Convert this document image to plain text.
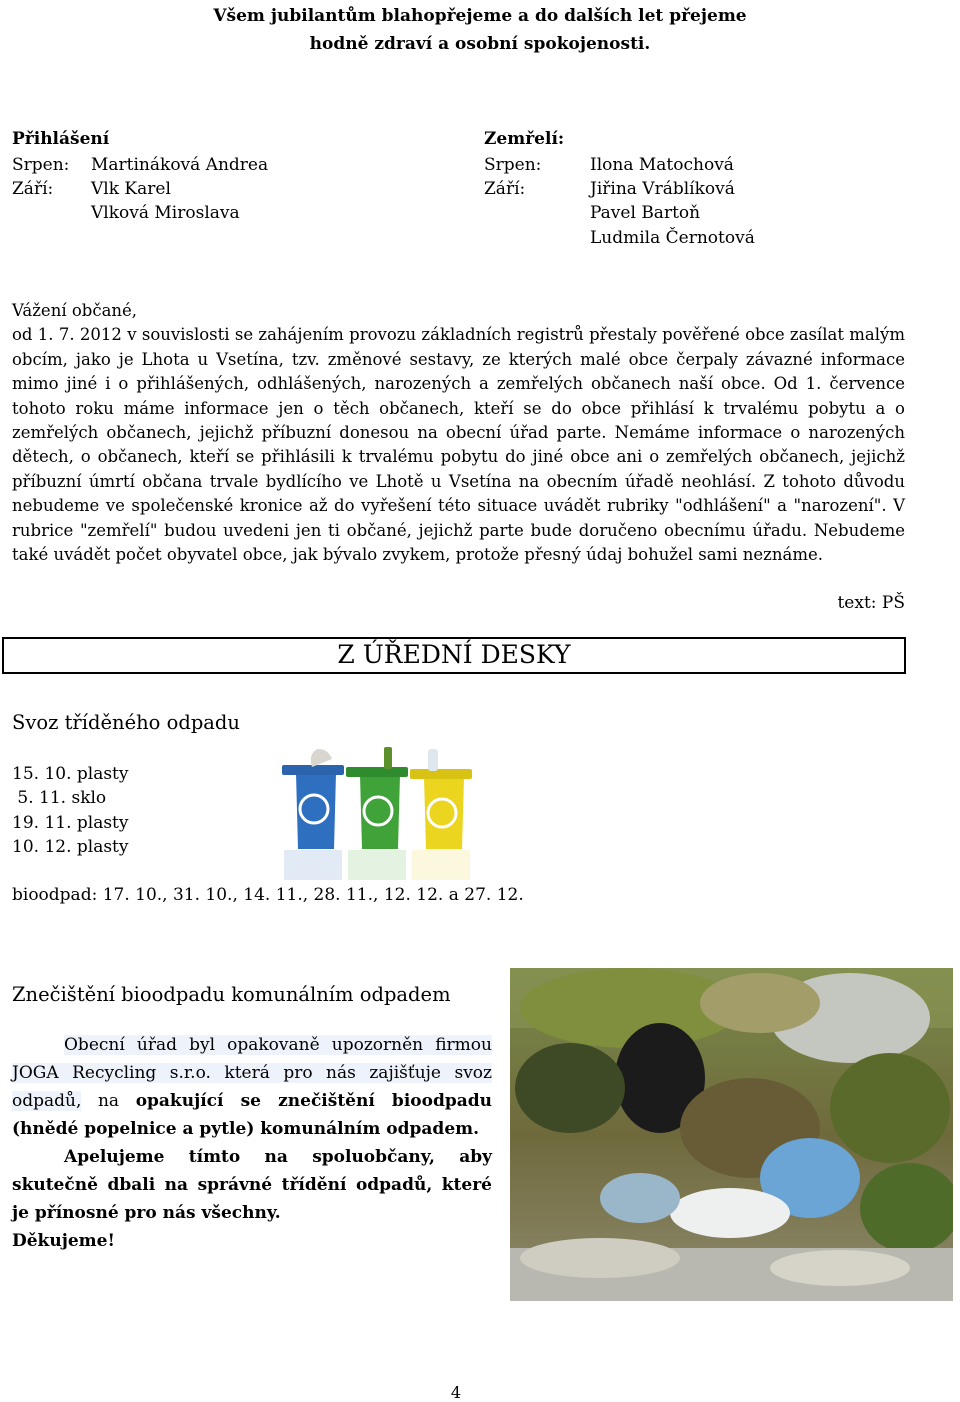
Všem jubilantům blahopřejeme a do dalších let přejeme
hodně zdraví a osobní spokojenosti.
Přihlášení
Srpen: Martináková Andrea
Září: Vlk Karel
Vlková Miroslava
Zemřelí:
Srpen:	Ilona Matochová
Září:	Jiřina Vráblíková
Pavel Bartoň
Ludmila Černotová

Vážení občané,

od 1. 7. 2012 v souvislosti se zahájením provozu základních registrů přestaly pověřené obce zasílat malým obcím, jako je Lhota u Vsetína, tzv. změnové sestavy, ze kterých malé obce čerpaly závazné informace mimo jiné i o přihlášených, odhlášených, narozených a zemřelých občanech naší obce. Od 1. července tohoto roku máme informace jen o těch občanech, kteří se do obce přihlásí k trvalému pobytu a o zemřelých občanech, jejichž příbuzní donesou na obecní úřad parte. Nemáme informace o narozených dětech, o občanech, kteří se přihlásili k trvalému pobytu do jiné obce ani o zemřelých občanech, jejichž příbuzní úmrtí občana trvale bydlícího ve Lhotě u Vsetína na obecním úřadě neohlásí. Z tohoto důvodu nebudeme ve společenské kronice až do vyřešení této situace uvádět rubriky "odhlášení" a "narození". V rubrice "zemřelí" budou uvedeni jen ti občané, jejichž parte bude doručeno obecnímu úřadu. Nebudeme také uvádět počet obyvatel obce, jak bývalo zvykem, protože přesný údaj bohužel sami neznáme.

text: PŠ
Z ÚŘEDNÍ DESKY
Svoz tříděného odpadu
15. 10. plasty
5. 11. sklo
19. 11. plasty
10. 12. plasty
bioodpad: 17. 10., 31. 10., 14. 11., 28. 11., 12. 12. a 27. 12.
Znečištění bioodpadu komunálním odpadem

Obecní úřad byl opakovaně upozorněn firmou JOGA Recycling s.r.o. která pro nás zajišťuje svoz odpadů, na opakující se znečištění bioodpadu (hnědé popelnice a pytle) komunálním odpadem.

Apelujeme tímto na spoluobčany, aby skutečně dbali na správné třídění odpadů, které je přínosné pro nás všechny.

Děkujeme!

4
